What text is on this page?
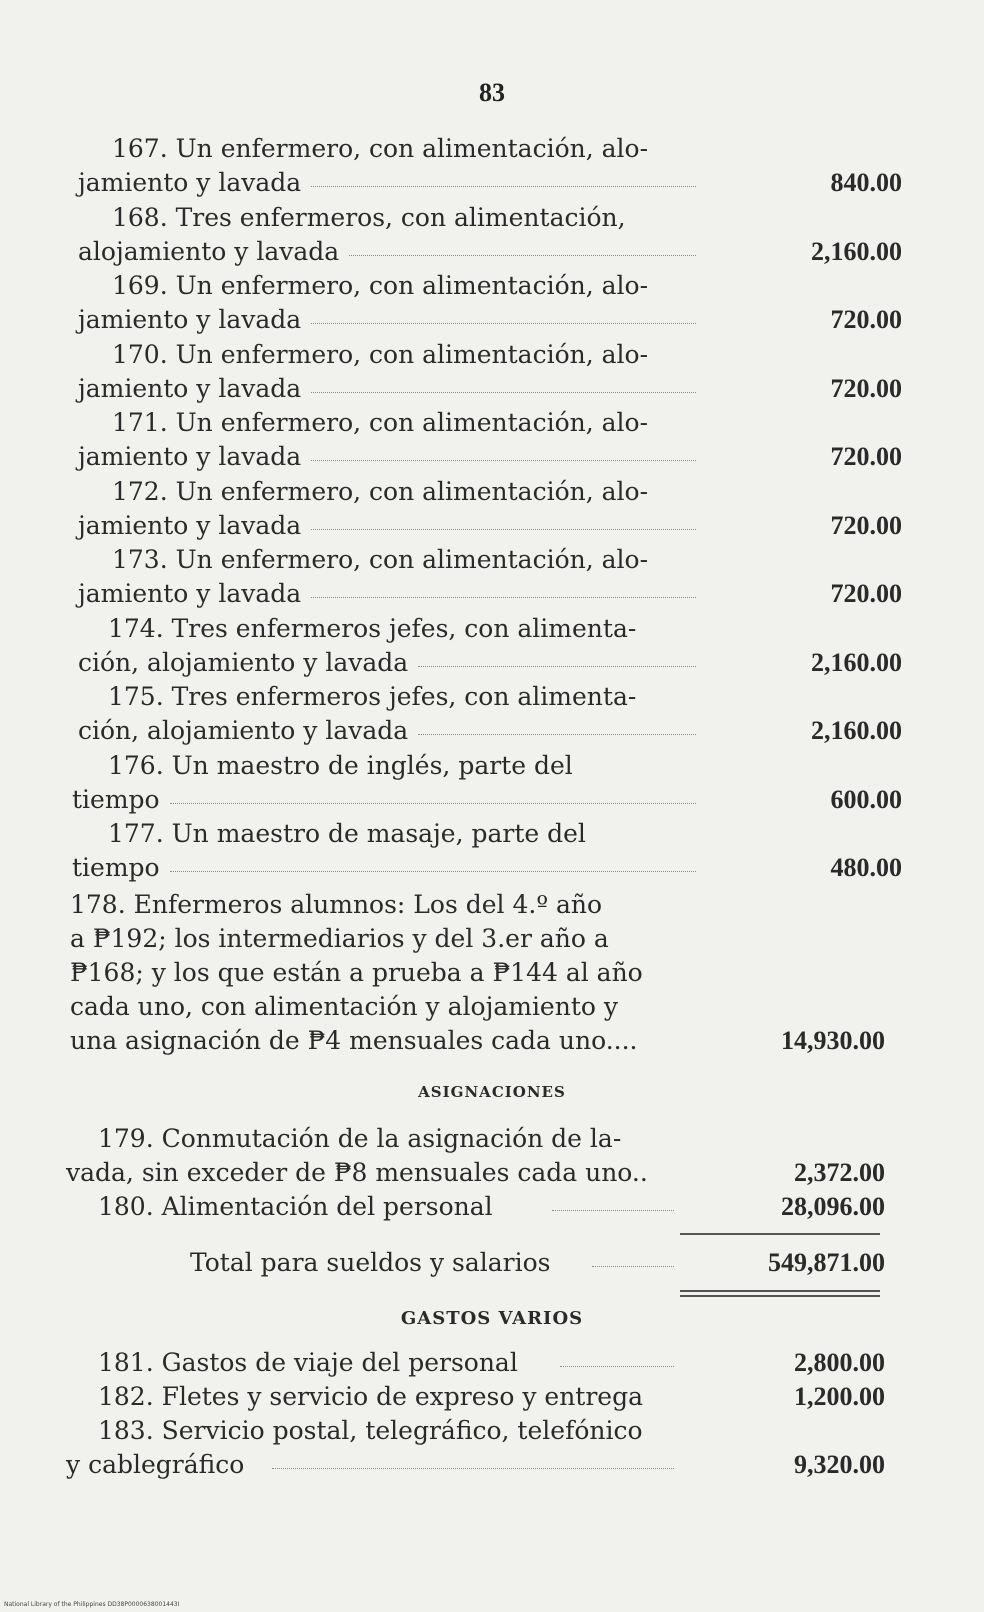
83
167. Un enfermero, con alimentación, alo-
jamiento y lavada	840.00
168. Tres enfermeros, con alimentación,
alojamiento y lavada	2,160.00
169. Un enfermero, con alimentación, alo-
jamiento y lavada	720.00
170. Un enfermero, con alimentación, alo-
jamiento y lavada	720.00
171. Un enfermero, con alimentación, alo-
jamiento y lavada	720.00
172. Un enfermero, con alimentación, alo-
jamiento y lavada	720.00
173. Un enfermero, con alimentación, alo-
jamiento y lavada	720.00
174. Tres enfermeros jefes, con alimenta-
ción, alojamiento y lavada	2,160.00
175. Tres enfermeros jefes, con alimenta-
ción, alojamiento y lavada	2,160.00
176. Un maestro de inglés, parte del
tiempo	600.00
177. Un maestro de masaje, parte del
tiempo	480.00
178. Enfermeros alumnos: Los del 4.º año
a ₱192; los intermediarios y del 3.er año a
₱168; y los que están a prueba a ₱144 al año
cada uno, con alimentación y alojamiento y
una asignación de ₱4 mensuales cada uno....	14,930.00
ASIGNACIONES
179. Conmutación de la asignación de la-
vada, sin exceder de ₱8 mensuales cada uno..	2,372.00
180. Alimentación del personal	28,096.00
Total para sueldos y salarios	549,871.00
GASTOS VARIOS
181. Gastos de viaje del personal	2,800.00
182. Fletes y servicio de expreso y entrega	1,200.00
183. Servicio postal, telegráfico, telefónico
y cablegráfico	9,320.00
National Library of the Philippines DD38P0000638001443I
